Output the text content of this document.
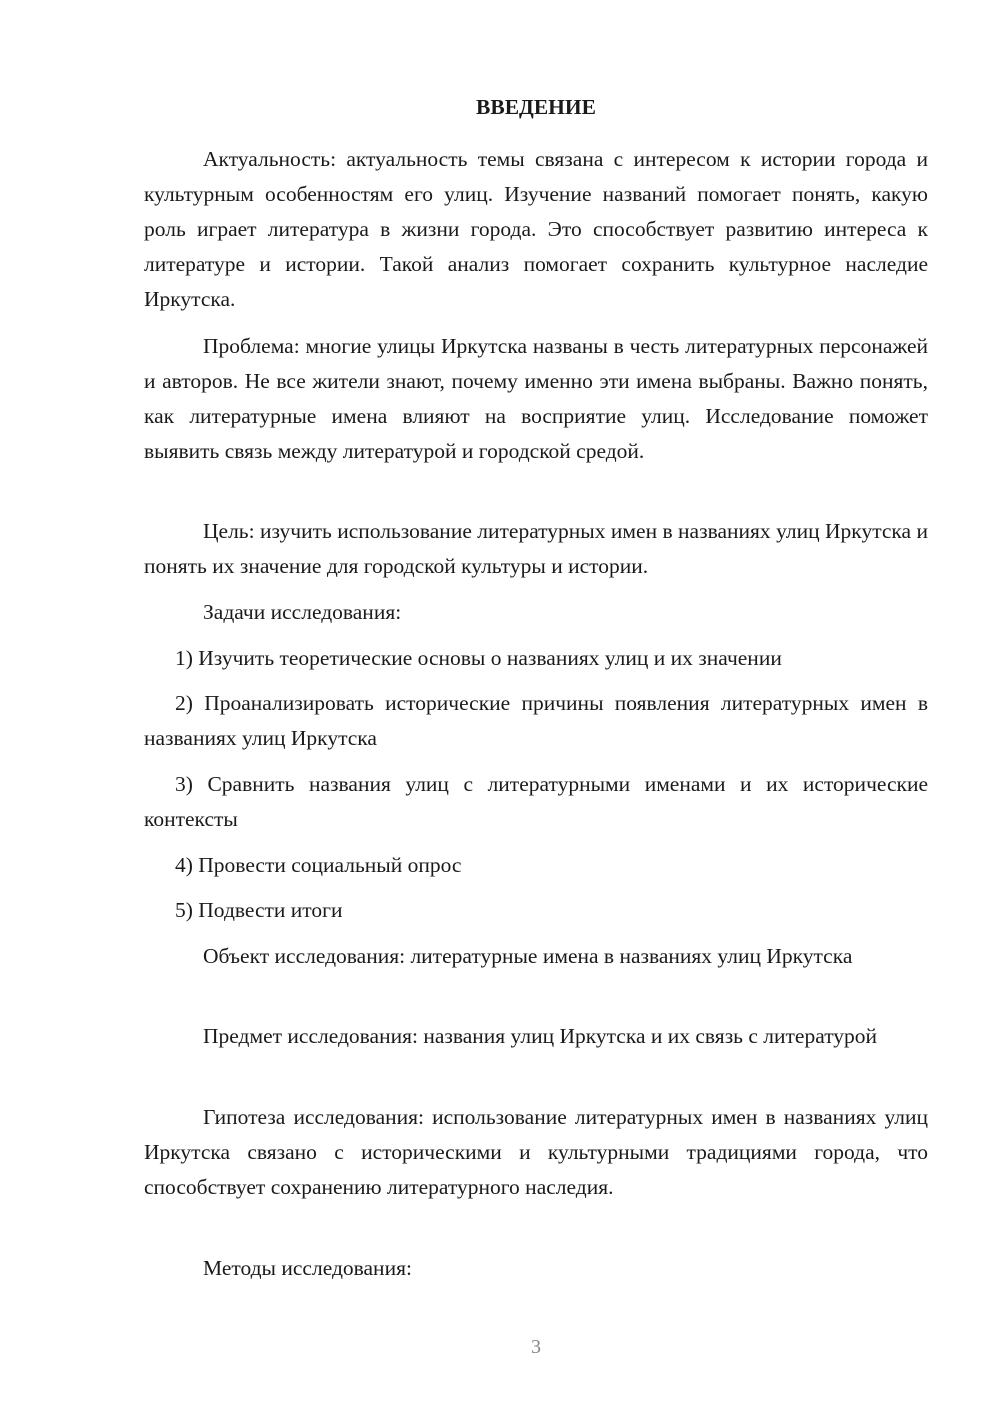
ВВЕДЕНИЕ

Актуальность: актуальность темы связана с интересом к истории города и культурным особенностям его улиц. Изучение названий помогает понять, какую роль играет литература в жизни города. Это способствует развитию интереса к литературе и истории. Такой анализ помогает сохранить культурное наследие Иркутска.

Проблема: многие улицы Иркутска названы в честь литературных персонажей и авторов. Не все жители знают, почему именно эти имена выбраны. Важно понять, как литературные имена влияют на восприятие улиц. Исследование поможет выявить связь между литературой и городской средой.

Цель: изучить использование литературных имен в названиях улиц Иркутска и понять их значение для городской культуры и истории.

Задачи исследования:

1) Изучить теоретические основы о названиях улиц и их значении

2) Проанализировать исторические причины появления литературных имен в названиях улиц Иркутска

3) Сравнить названия улиц с литературными именами и их исторические контексты

4) Провести социальный опрос

5) Подвести итоги

Объект исследования: литературные имена в названиях улиц Иркутска

Предмет исследования: названия улиц Иркутска и их связь с литературой

Гипотеза исследования: использование литературных имен в названиях улиц Иркутска связано с историческими и культурными традициями города, что способствует сохранению литературного наследия.

Методы исследования:

3
